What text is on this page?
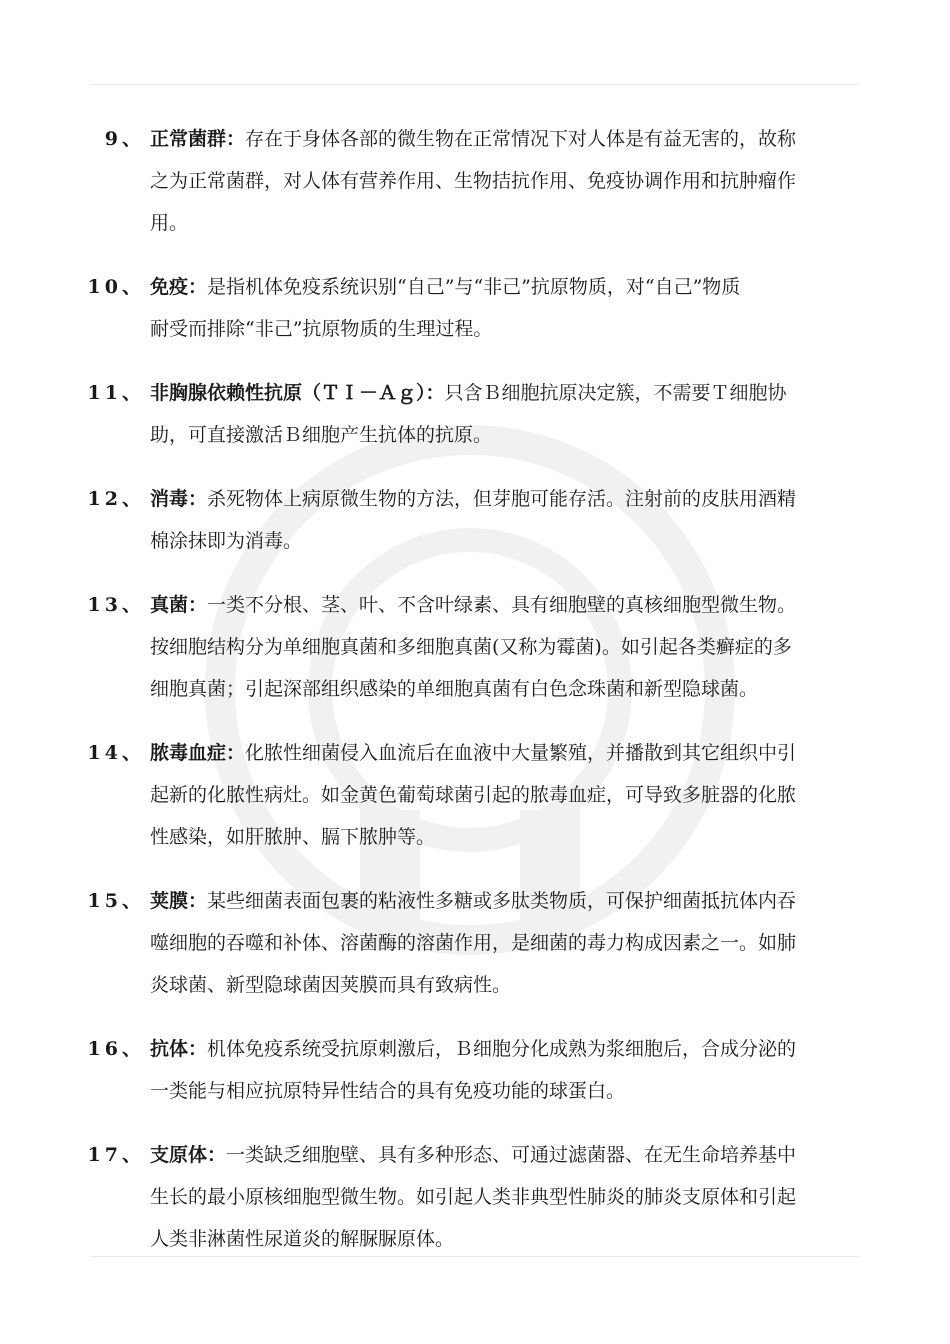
9、 正常菌群：存在于身体各部的微生物在正常情况下对人体是有益无害的，故称
之为正常菌群，对人体有营养作用、生物拮抗作用、免疫协调作用和抗肿瘤作
用。
10、 免疫：是指机体免疫系统识别“自己”与“非己”抗原物质，对“自己”物质
耐受而排除“非己”抗原物质的生理过程。
11、 非胸腺依赖性抗原（ＴＩ－Ａｇ）：只含Ｂ细胞抗原决定簇，不需要Ｔ细胞协
助，可直接激活Ｂ细胞产生抗体的抗原。
12、 消毒：杀死物体上病原微生物的方法，但芽胞可能存活。注射前的皮肤用酒精
棉涂抹即为消毒。
13、 真菌：一类不分根、茎、叶、不含叶绿素、具有细胞壁的真核细胞型微生物。
按细胞结构分为单细胞真菌和多细胞真菌(又称为霉菌)。如引起各类癣症的多
细胞真菌；引起深部组织感染的单细胞真菌有白色念珠菌和新型隐球菌。
14、 脓毒血症：化脓性细菌侵入血流后在血液中大量繁殖，并播散到其它组织中引
起新的化脓性病灶。如金黄色葡萄球菌引起的脓毒血症，可导致多脏器的化脓
性感染，如肝脓肿、膈下脓肿等。
15、 荚膜：某些细菌表面包裹的粘液性多糖或多肽类物质，可保护细菌抵抗体内吞
噬细胞的吞噬和补体、溶菌酶的溶菌作用，是细菌的毒力构成因素之一。如肺
炎球菌、新型隐球菌因荚膜而具有致病性。
16、 抗体：机体免疫系统受抗原刺激后，Ｂ细胞分化成熟为浆细胞后，合成分泌的
一类能与相应抗原特异性结合的具有免疫功能的球蛋白。
17、 支原体：一类缺乏细胞壁、具有多种形态、可通过滤菌器、在无生命培养基中
生长的最小原核细胞型微生物。如引起人类非典型性肺炎的肺炎支原体和引起
人类非淋菌性尿道炎的解脲脲原体。
